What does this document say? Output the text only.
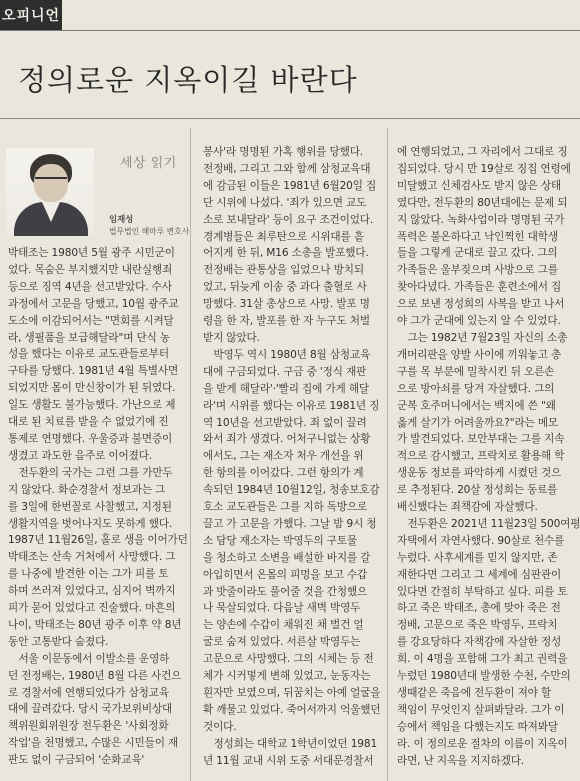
오피니언
정의로운 지옥이길 바란다
세상 읽기
임재성
법무법인 해마루 변호사

박태조는 1980년 5월 광주 시민군이

었다. 목숨은 부지했지만 내란실행죄

등으로 징역 4년을 선고받았다. 수사

과정에서 고문을 당했고, 10월 광주교

도소에 이감되어서는 "면회를 시켜달

라, 생필품을 보급해달라"며 단식 농

성을 했다는 이유로 교도관들로부터

구타를 당했다. 1981년 4월 특별사면

되었지만 몸이 만신창이가 된 뒤였다.

일도 생활도 불가능했다. 가난으로 제

대로 된 치료를 받을 수 없었기에 진

통제로 연명했다. 우울증과 불면증이

생겼고 과도한 음주로 이어졌다.

　전두환의 국가는 그런 그를 가만두

지 않았다. 화순경찰서 정보과는 그

를 3일에 한번꼴로 사찰했고, 지정된

생활지역을 벗어나지도 못하게 했다.

1987년 11월26일, 홀로 생을 이어가던

박태조는 산속 거처에서 사망했다. 그

를 나중에 발견한 이는 그가 피를 토

하며 쓰러져 있었다고, 심지어 벽까지

피가 묻어 있었다고 진술했다. 마흔의

나이, 박태조는 80년 광주 이후 약 8년

동안 고통받다 숨졌다.

　서울 이문동에서 이발소를 운영하

던 전정배는, 1980년 8월 다른 사건으

로 경찰서에 연행되었다가 삼청교육

대에 끌려갔다. 당시 국가보위비상대

책위원회위원장 전두환은 '사회정화

작업'을 천명했고, 수많은 시민들이 재

판도 없이 구금되어 '순화교육'

봉사'라 명명된 가혹 행위를 당했다.

전정배, 그리고 그와 함께 삼청교육대

에 감금된 이들은 1981년 6월20일 집

단 시위에 나섰다. '죄가 있으면 교도

소로 보내달라' 등이 요구 조건이었다.

경계병들은 최루탄으로 시위대를 흩

어지게 한 뒤, M16 소총을 발포했다.

전정배는 관통상을 입었으나 방치되

었고, 뒤늦게 이송 중 과다 출혈로 사

망했다. 31살 총상으로 사망. 발포 명

령을 한 자, 발포를 한 자 누구도 처벌

받지 않았다.

　박영두 역시 1980년 8월 삼청교육

대에 구금되었다. 구금 중 '정식 재판

을 받게 해달라'·'빨리 집에 가게 해달

라'며 시위를 했다는 이유로 1981년 징

역 10년을 선고받았다. 죄 없이 끌려

와서 죄가 생겼다. 어처구니없는 상황

에서도, 그는 재소자 처우 개선을 위

한 항의를 이어갔다. 그런 항의가 계

속되던 1984년 10월12일, 청송보호감

호소 교도관들은 그를 지하 독방으로

끌고 가 고문을 가했다. 그날 밤 9시 청

소 담당 재소자는 박영두의 구토물

을 청소하고 소변을 배설한 바지를 갈

아입히면서 온몸의 피멍을 보고 수갑

과 밧줄이라도 풀어줄 것을 간청했으

나 묵살되었다. 다음날 새벽 박영두

는 양손에 수갑이 채워진 채 벌건 얼

굴로 숨져 있었다. 서른살 박영두는

고문으로 사망했다. 그의 시체는 등 전

체가 시커멓게 변해 있었고, 눈동자는

흰자만 보였으며, 뒤꿈치는 아예 얼굴을

확 깨물고 있었다. 죽어서까지 억울했던

것이다.

　정성희는 대학교 1학년이었던 1981

년 11월 교내 시위 도중 서대문경찰서

에 연행되었고, 그 자리에서 그대로 징

집되었다. 당시 만 19살로 징집 연령에

미달했고 신체검사도 받지 않은 상태

였다만, 전두환의 80년대에는 문제 되

지 않았다. 녹화사업이라 명명된 국가

폭력은 불온하다고 낙인찍힌 대학생

들을 그렇게 군대로 끌고 갔다. 그의

가족들은 울부짖으며 사방으로 그를

찾아다녔다. 가족들은 훈련소에서 집

으로 보낸 정성희의 사복을 받고 나서

야 그가 군대에 있는지 알 수 있었다.

　그는 1982년 7월23일 자신의 소총

개머리판을 양발 사이에 끼워놓고 총

구를 목 부분에 밀착시킨 뒤 오른손

으로 방아쇠를 당겨 자살했다. 그의

군복 호주머니에서는 백지에 쓴 "왜

옳게 살기가 어려울까요?"라는 메모

가 발견되었다. 보안부대는 그를 지속

적으로 감시했고, 프락치로 활용해 학

생운동 정보를 파악하게 시켰던 것으

로 추정된다. 20살 정성희는 동료를

배신했다는 죄책감에 자살했다.

　전두환은 2021년 11월23일 500여평

자택에서 자연사했다. 90살로 천수를

누렸다. 사후세계를 믿지 않지만, 존

재한다면 그리고 그 세계에 심판관이

있다면 간절히 부탁하고 싶다. 피를 토

하고 죽은 박태조, 총에 맞아 죽은 전

정배, 고문으로 죽은 박영두, 프락치

를 강요당하다 자책감에 자살한 정성

희. 이 4명을 포함해 그가 최고 권력을

누렸던 1980년대 발생한 수천, 수만의

생때같은 죽음에 전두환이 져야 할

책임이 무엇인지 살펴봐달라. 그가 이

승에서 책임을 다했는지도 따져봐달

라. 이 정의로운 절차의 이름이 지옥이

라면, 난 지옥을 지지하겠다.
